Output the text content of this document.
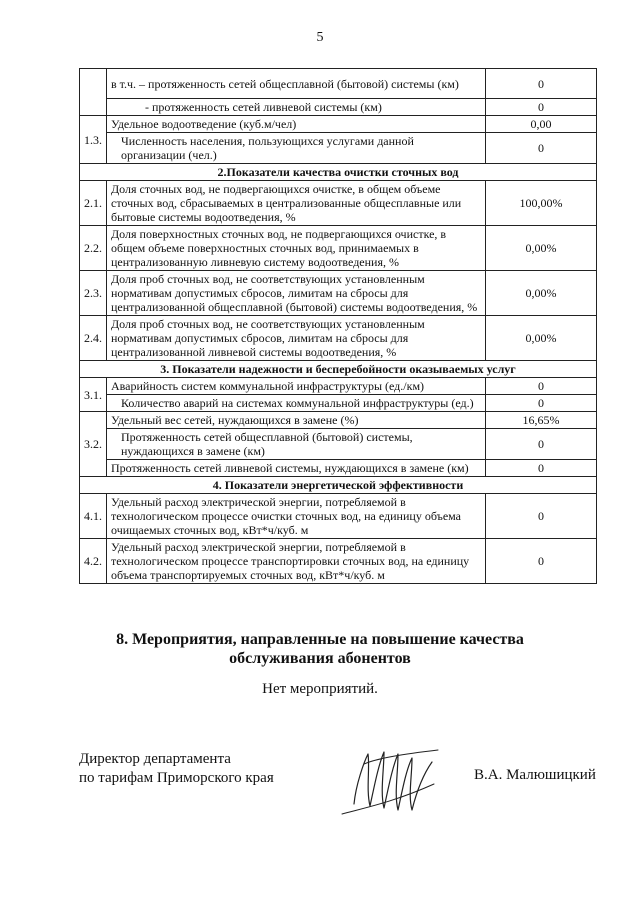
5
	в т.ч. – протяженность сетей общесплавной (бытовой) системы (км)	0
	- протяженность сетей ливневой системы (км)	0
1.3.	Удельное водоотведение (куб.м/чел)	0,00
	Численность населения, пользующихся услугами данной организации (чел.)	0
2.Показатели качества очистки сточных вод		
2.1.	Доля сточных вод, не подвергающихся очистке, в общем объеме сточных вод, сбрасываемых в централизованные общесплавные или бытовые системы водоотведения, %	100,00%
2.2.	Доля поверхностных сточных вод, не подвергающихся очистке, в общем объеме поверхностных сточных вод, принимаемых в централизованную ливневую систему водоотведения, %	0,00%
2.3.	Доля проб сточных вод, не соответствующих установленным нормативам допустимых сбросов, лимитам на сбросы для централизованной общесплавной (бытовой) системы водоотведения, %	0,00%
2.4.	Доля проб сточных вод, не соответствующих установленным нормативам допустимых сбросов, лимитам на сбросы для централизованной ливневой системы водоотведения, %	0,00%
3. Показатели надежности и бесперебойности оказываемых услуг		
3.1.	Аварийность систем коммунальной инфраструктуры (ед./км)	0
	Количество аварий на системах коммунальной инфраструктуры (ед.)	0
3.2.	Удельный вес сетей, нуждающихся в замене (%)	16,65%
	Протяженность сетей общесплавной (бытовой) системы, нуждающихся в замене (км)	0
	Протяженность сетей ливневой системы, нуждающихся в замене (км)	0
4. Показатели энергетической эффективности		
4.1.	Удельный расход электрической энергии, потребляемой в технологическом процессе очистки сточных вод, на единицу объема очищаемых сточных вод, кВт*ч/куб. м	0
4.2.	Удельный расход электрической энергии, потребляемой в технологическом процессе транспортировки сточных вод, на единицу объема транспортируемых сточных вод, кВт*ч/куб. м	0
8. Мероприятия, направленные на повышение качества
обслуживания абонентов
Нет мероприятий.
Директор департамента
по тарифам Приморского края	В.А. Малюшицкий
